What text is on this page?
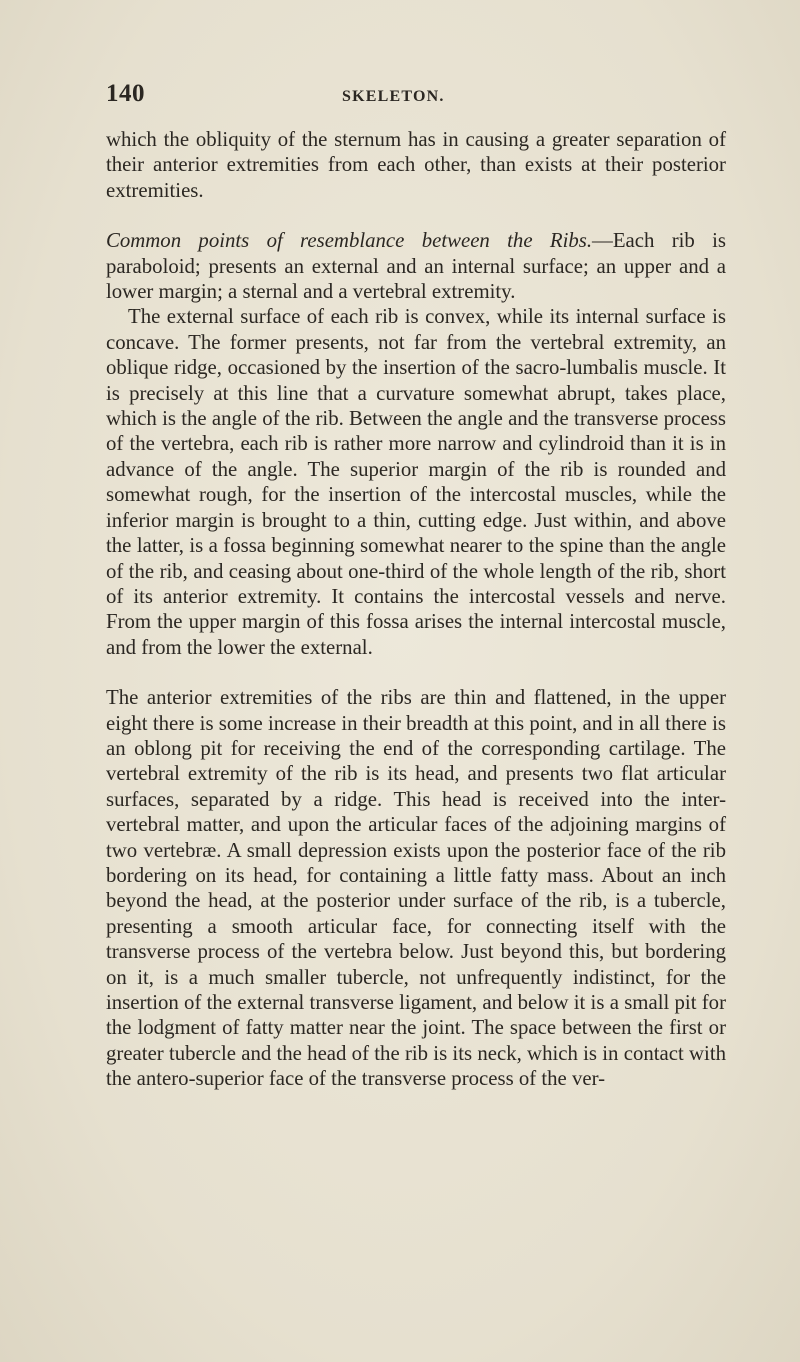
140	SKELETON.

which the obliquity of the sternum has in causing a greater separation of their anterior extremities from each other, than exists at their posterior extremities.

Common points of resemblance between the Ribs.—Each rib is paraboloid; presents an external and an internal surface; an upper and a lower margin; a sternal and a vertebral extremity.

The external surface of each rib is convex, while its internal surface is concave. The former presents, not far from the vertebral extremity, an oblique ridge, occasioned by the insertion of the sacro-lumbalis muscle. It is precisely at this line that a curvature somewhat abrupt, takes place, which is the angle of the rib. Between the angle and the transverse process of the vertebra, each rib is rather more narrow and cylindroid than it is in advance of the angle. The superior margin of the rib is rounded and somewhat rough, for the insertion of the intercostal muscles, while the inferior margin is brought to a thin, cutting edge. Just within, and above the latter, is a fossa beginning somewhat nearer to the spine than the angle of the rib, and ceasing about one-third of the whole length of the rib, short of its anterior extremity. It contains the intercostal vessels and nerve. From the upper margin of this fossa arises the internal intercostal muscle, and from the lower the external.

The anterior extremities of the ribs are thin and flattened, in the upper eight there is some increase in their breadth at this point, and in all there is an oblong pit for receiving the end of the corresponding cartilage. The vertebral extremity of the rib is its head, and presents two flat articular surfaces, separated by a ridge. This head is received into the inter-vertebral matter, and upon the articular faces of the adjoining margins of two vertebræ. A small depression exists upon the posterior face of the rib bordering on its head, for containing a little fatty mass. About an inch beyond the head, at the posterior under surface of the rib, is a tubercle, presenting a smooth articular face, for connecting itself with the transverse process of the vertebra below. Just beyond this, but bordering on it, is a much smaller tubercle, not unfrequently indistinct, for the insertion of the external transverse ligament, and below it is a small pit for the lodgment of fatty matter near the joint. The space between the first or greater tubercle and the head of the rib is its neck, which is in contact with the antero-superior face of the transverse process of the ver-
